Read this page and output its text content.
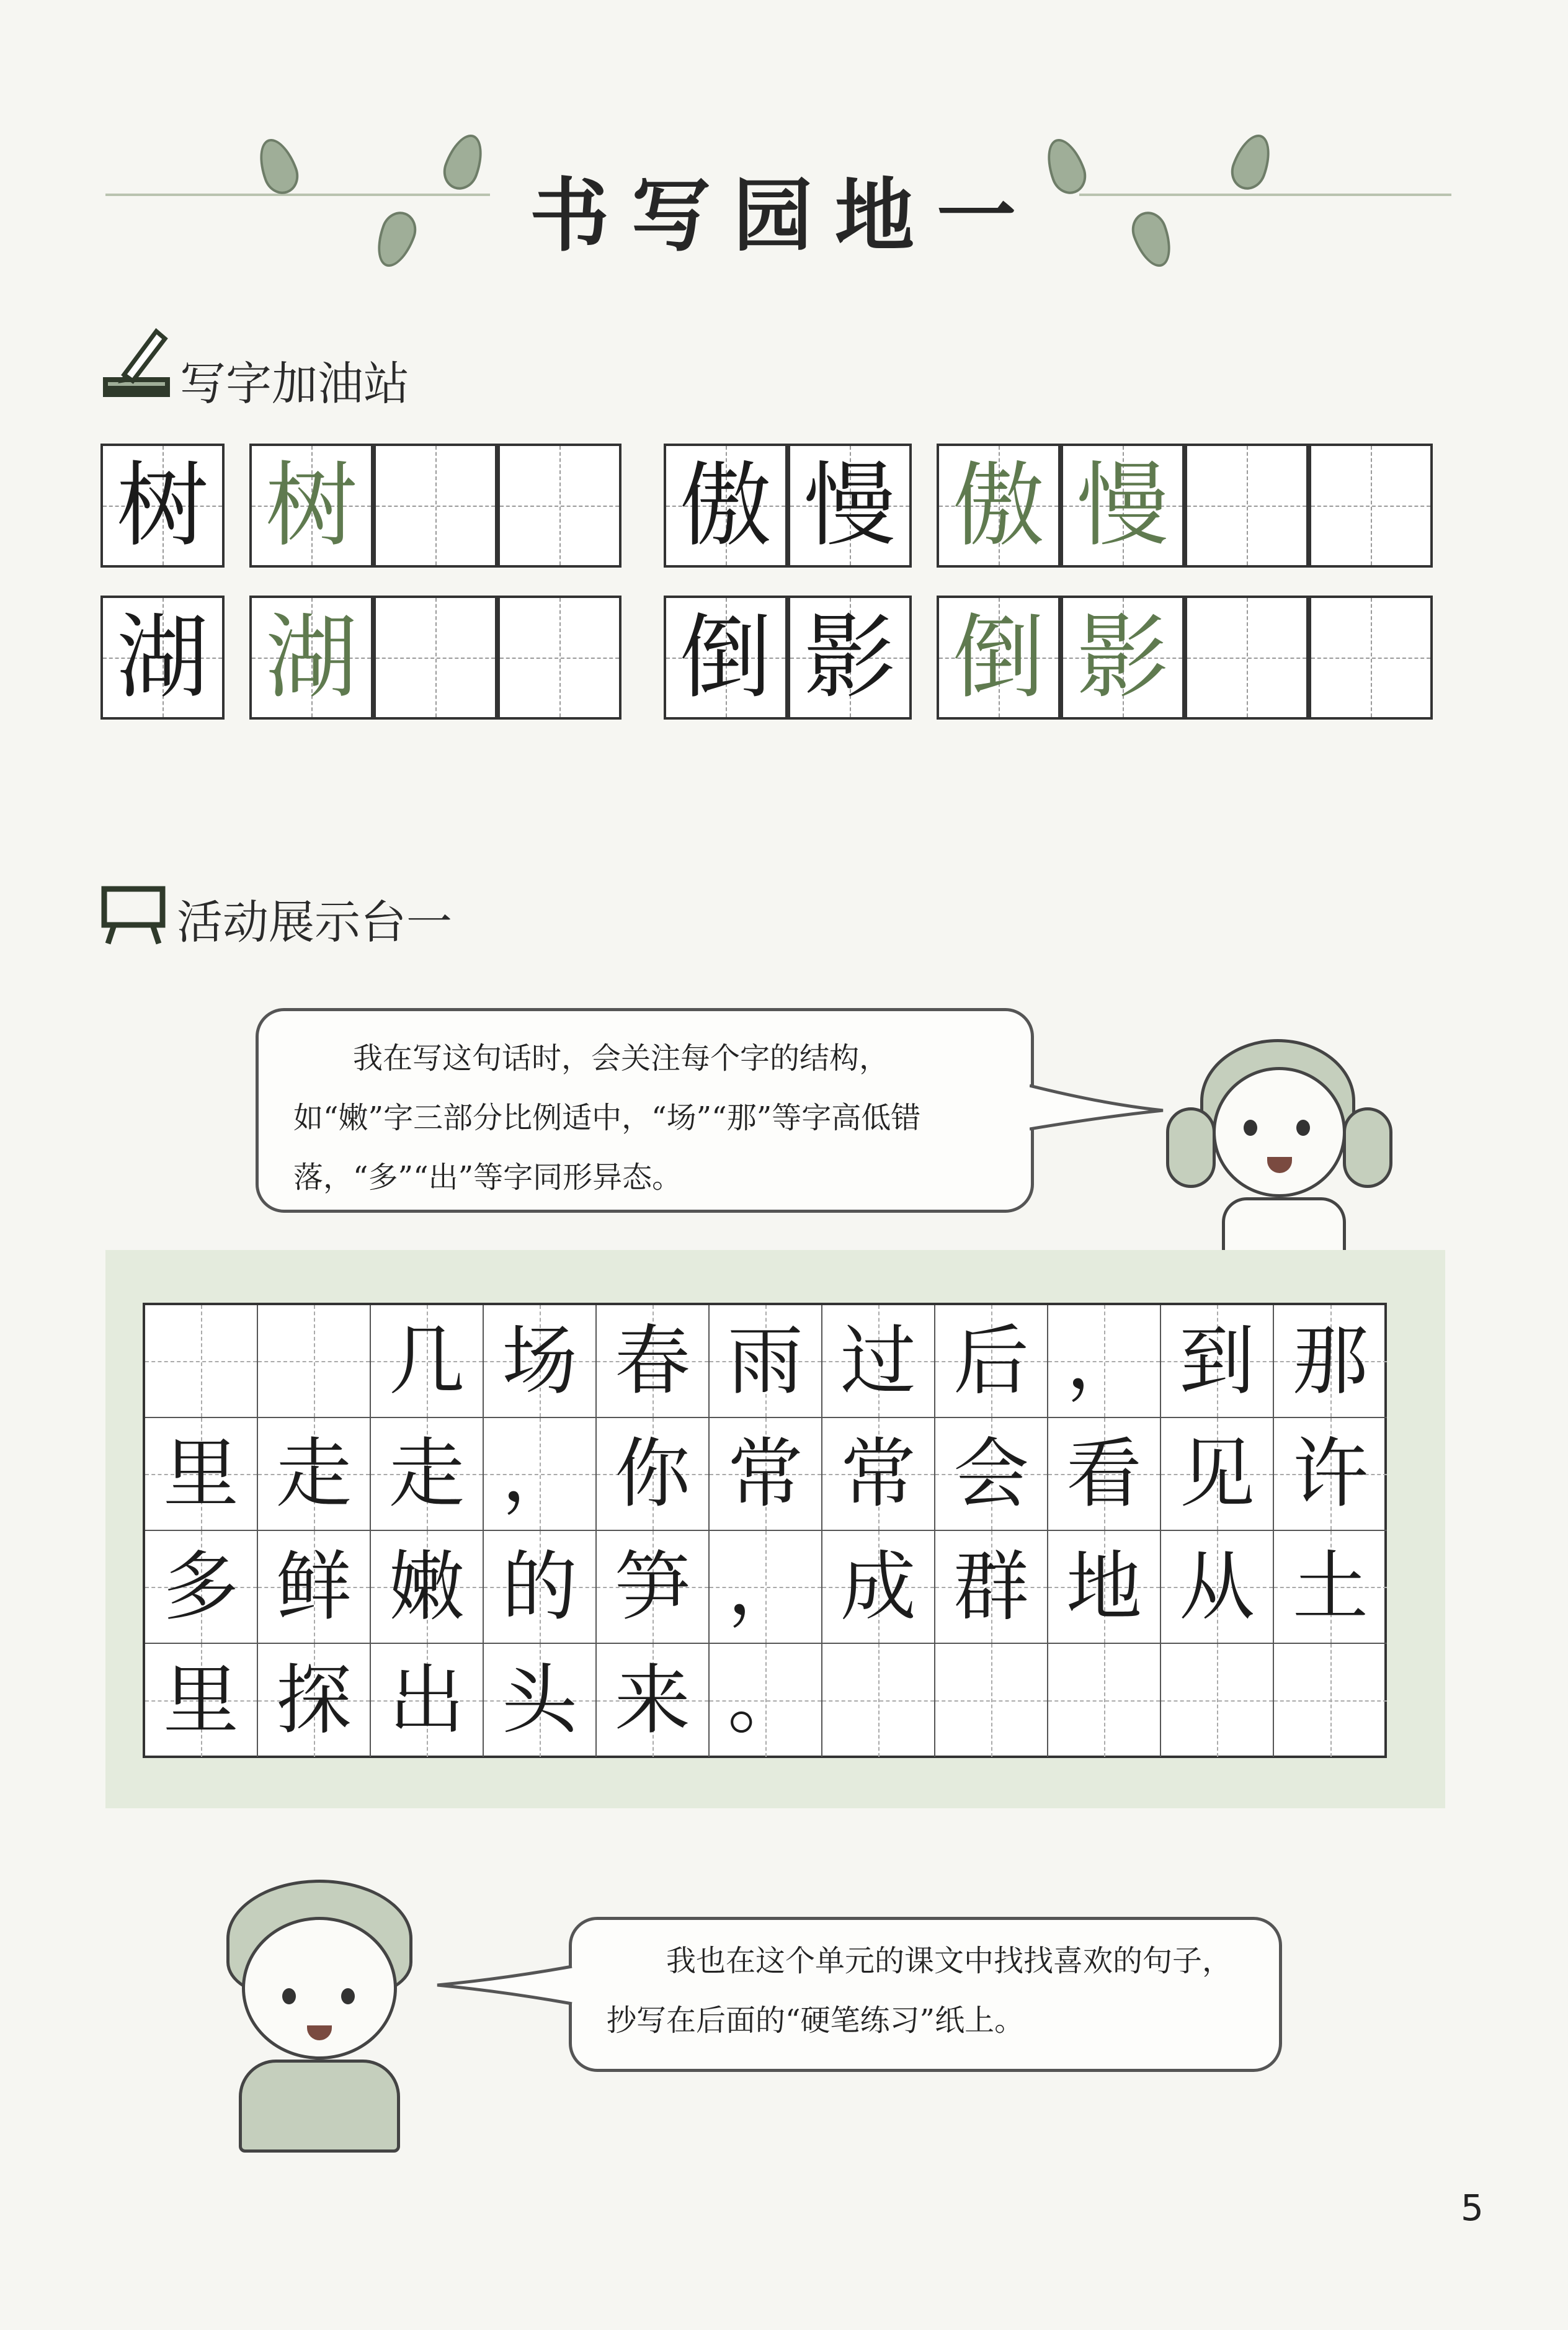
书写园地一
写字加油站
树 树	傲 慢 傲 慢
湖 湖	倒 影 倒 影
活动展示台一

我在写这句话时，会关注每个字的结构，如“嫩”字三部分比例适中，“场”“那”等字高低错落，“多”“出”等字同形异态。

几 场 春 雨 过 后 ， 到 那
里 走 走 ， 你 常 常 会 看 见 许
多 鲜 嫩 的 笋 ， 成 群 地 从 土
里 探 出 头 来 。

我也在这个单元的课文中找找喜欢的句子，抄写在后面的“硬笔练习”纸上。

5
